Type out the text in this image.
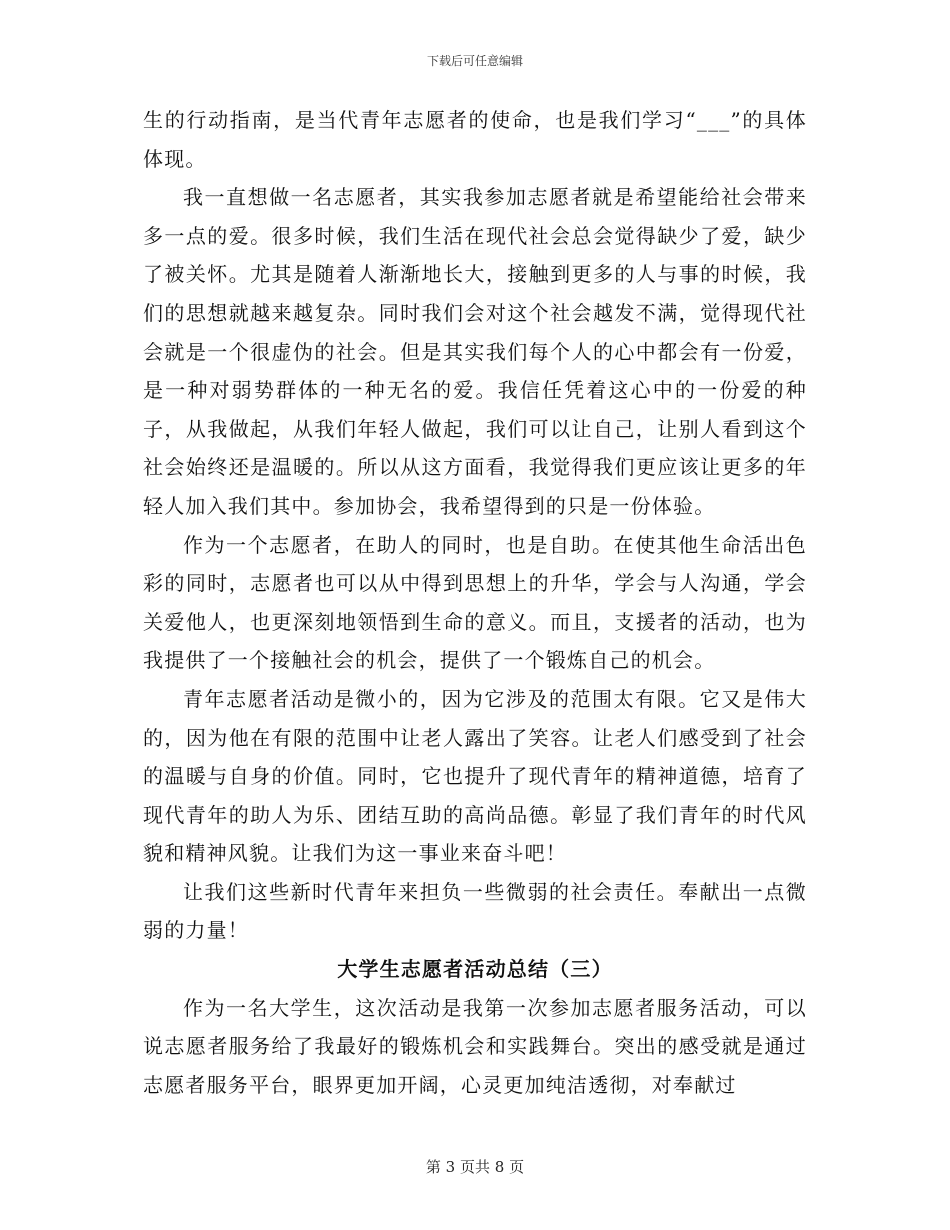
下载后可任意编辑

生的行动指南，是当代青年志愿者的使命，也是我们学习“___”的具体体现。

我一直想做一名志愿者，其实我参加志愿者就是希望能给社会带来多一点的爱。很多时候，我们生活在现代社会总会觉得缺少了爱，缺少了被关怀。尤其是随着人渐渐地长大，接触到更多的人与事的时候，我们的思想就越来越复杂。同时我们会对这个社会越发不满，觉得现代社会就是一个很虚伪的社会。但是其实我们每个人的心中都会有一份爱，是一种对弱势群体的一种无名的爱。我信任凭着这心中的一份爱的种子，从我做起，从我们年轻人做起，我们可以让自己，让别人看到这个社会始终还是温暖的。所以从这方面看，我觉得我们更应该让更多的年轻人加入我们其中。参加协会，我希望得到的只是一份体验。

作为一个志愿者，在助人的同时，也是自助。在使其他生命活出色彩的同时，志愿者也可以从中得到思想上的升华，学会与人沟通，学会关爱他人，也更深刻地领悟到生命的意义。而且，支援者的活动，也为我提供了一个接触社会的机会，提供了一个锻炼自己的机会。

青年志愿者活动是微小的，因为它涉及的范围太有限。它又是伟大的，因为他在有限的范围中让老人露出了笑容。让老人们感受到了社会的温暖与自身的价值。同时，它也提升了现代青年的精神道德，培育了现代青年的助人为乐、团结互助的高尚品德。彰显了我们青年的时代风貌和精神风貌。让我们为这一事业来奋斗吧！

让我们这些新时代青年来担负一些微弱的社会责任。奉献出一点微弱的力量！

大学生志愿者活动总结（三）

作为一名大学生，这次活动是我第一次参加志愿者服务活动，可以说志愿者服务给了我最好的锻炼机会和实践舞台。突出的感受就是通过志愿者服务平台，眼界更加开阔，心灵更加纯洁透彻，对奉献过

第 3 页共 8 页
